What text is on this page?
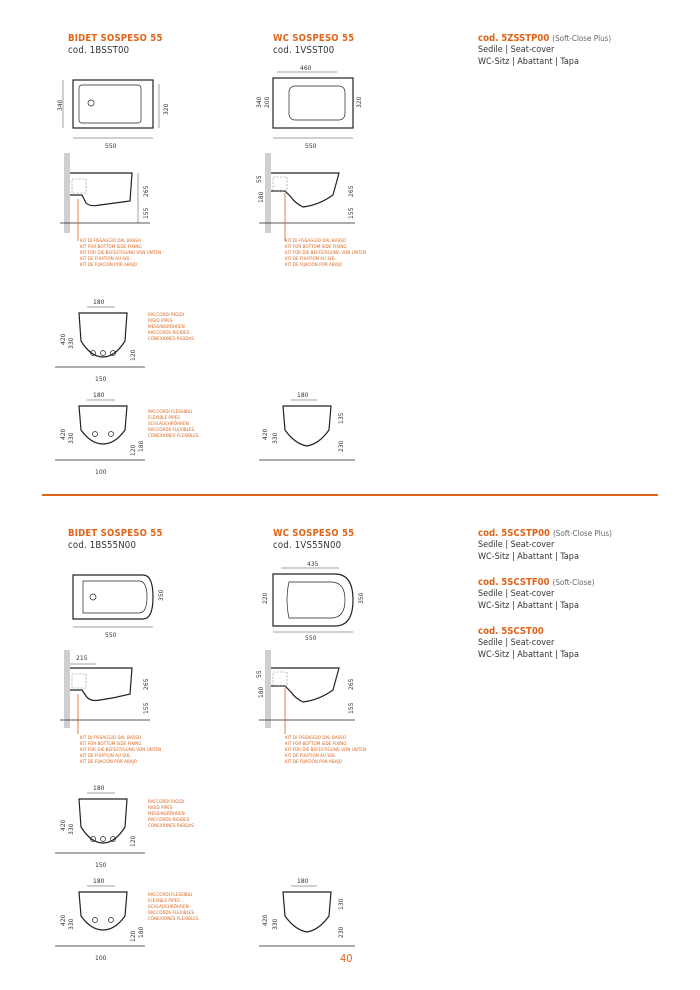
BIDET SOSPESO 55
cod. 1BSST00
WC SOSPESO 55
cod. 1VSST00
cod. 5ZSSTP00 (Soft-Close Plus)
Sedile | Seat-cover
WC-Sitz | Abattant | Tapa
550
340	320
265
155
KIT DI FISSAGGIO DAL BASSO
KIT FOR BOTTOM SIDE FIXING
KIT FÜR DIE BEFESTIGUNG VON UNTEN
KIT DE FIXATION AU SOL
KIT DE FIJACIÓN POR ABAJO
460
550
340 200	320
55
180
265
155
KIT DI FISSAGGIO DAL BASSO
KIT FOR BOTTOM SIDE FIXING
KIT FÜR DIE BEFESTIGUNG VON UNTEN
KIT DE FIXATION AU SOL
KIT DE FIJACIÓN POR ABAJO
180
420 330
120
150
RACCORDI RIGIDI
RIGID PIPES
MESSINGRÖHREN
RACCORDS RIGIDES
CONEXIONES RIGIDAS
180
420 330
120 180
100
RACCORDI FLESSIBILI
FLEXIBLE PIPES
SCHLAUCHRÖHREN
RACCORDS FLEXIBLES
CONEXIONES FLEXIBLES
180
420 330
135
230
BIDET SOSPESO 55
cod. 1BS55N00
WC SOSPESO 55
cod. 1VS55N00
cod. 5SCSTP00 (Soft-Close Plus)
Sedile | Seat-cover
WC-Sitz | Abattant | Tapa
cod. 5SCSTF00 (Soft-Close)
Sedile | Seat-cover
WC-Sitz | Abattant | Tapa
cod. 5SCST00
Sedile | Seat-cover
WC-Sitz | Abattant | Tapa
550
350
215
265
155
KIT DI FISSAGGIO DAL BASSO
KIT FOR BOTTOM SIDE FIXING
KIT FÜR DIE BEFESTIGUNG VON UNTEN
KIT DE FIXATION AU SOL
KIT DE FIJACIÓN POR ABAJO
435
550
220	350
55
180
265
155
KIT DI FISSAGGIO DAL BASSO
KIT FOR BOTTOM SIDE FIXING
KIT FÜR DIE BEFESTIGUNG VON UNTEN
KIT DE FIXATION AU SOL
KIT DE FIJACIÓN POR ABAJO
180
420 330
120
150
RACCORDI RIGIDI
RIGID PIPES
MESSINGRÖHREN
RACCORDS RIGIDES
CONEXIONES RIGIDAS
180
420 330
120 180
100
RACCORDI FLESSIBILI
FLEXIBLE PIPES
SCHLAUCHRÖHREN
RACCORDS FLEXIBLES
CONEXIONES FLEXIBLES
180
420 330
130
230
40
